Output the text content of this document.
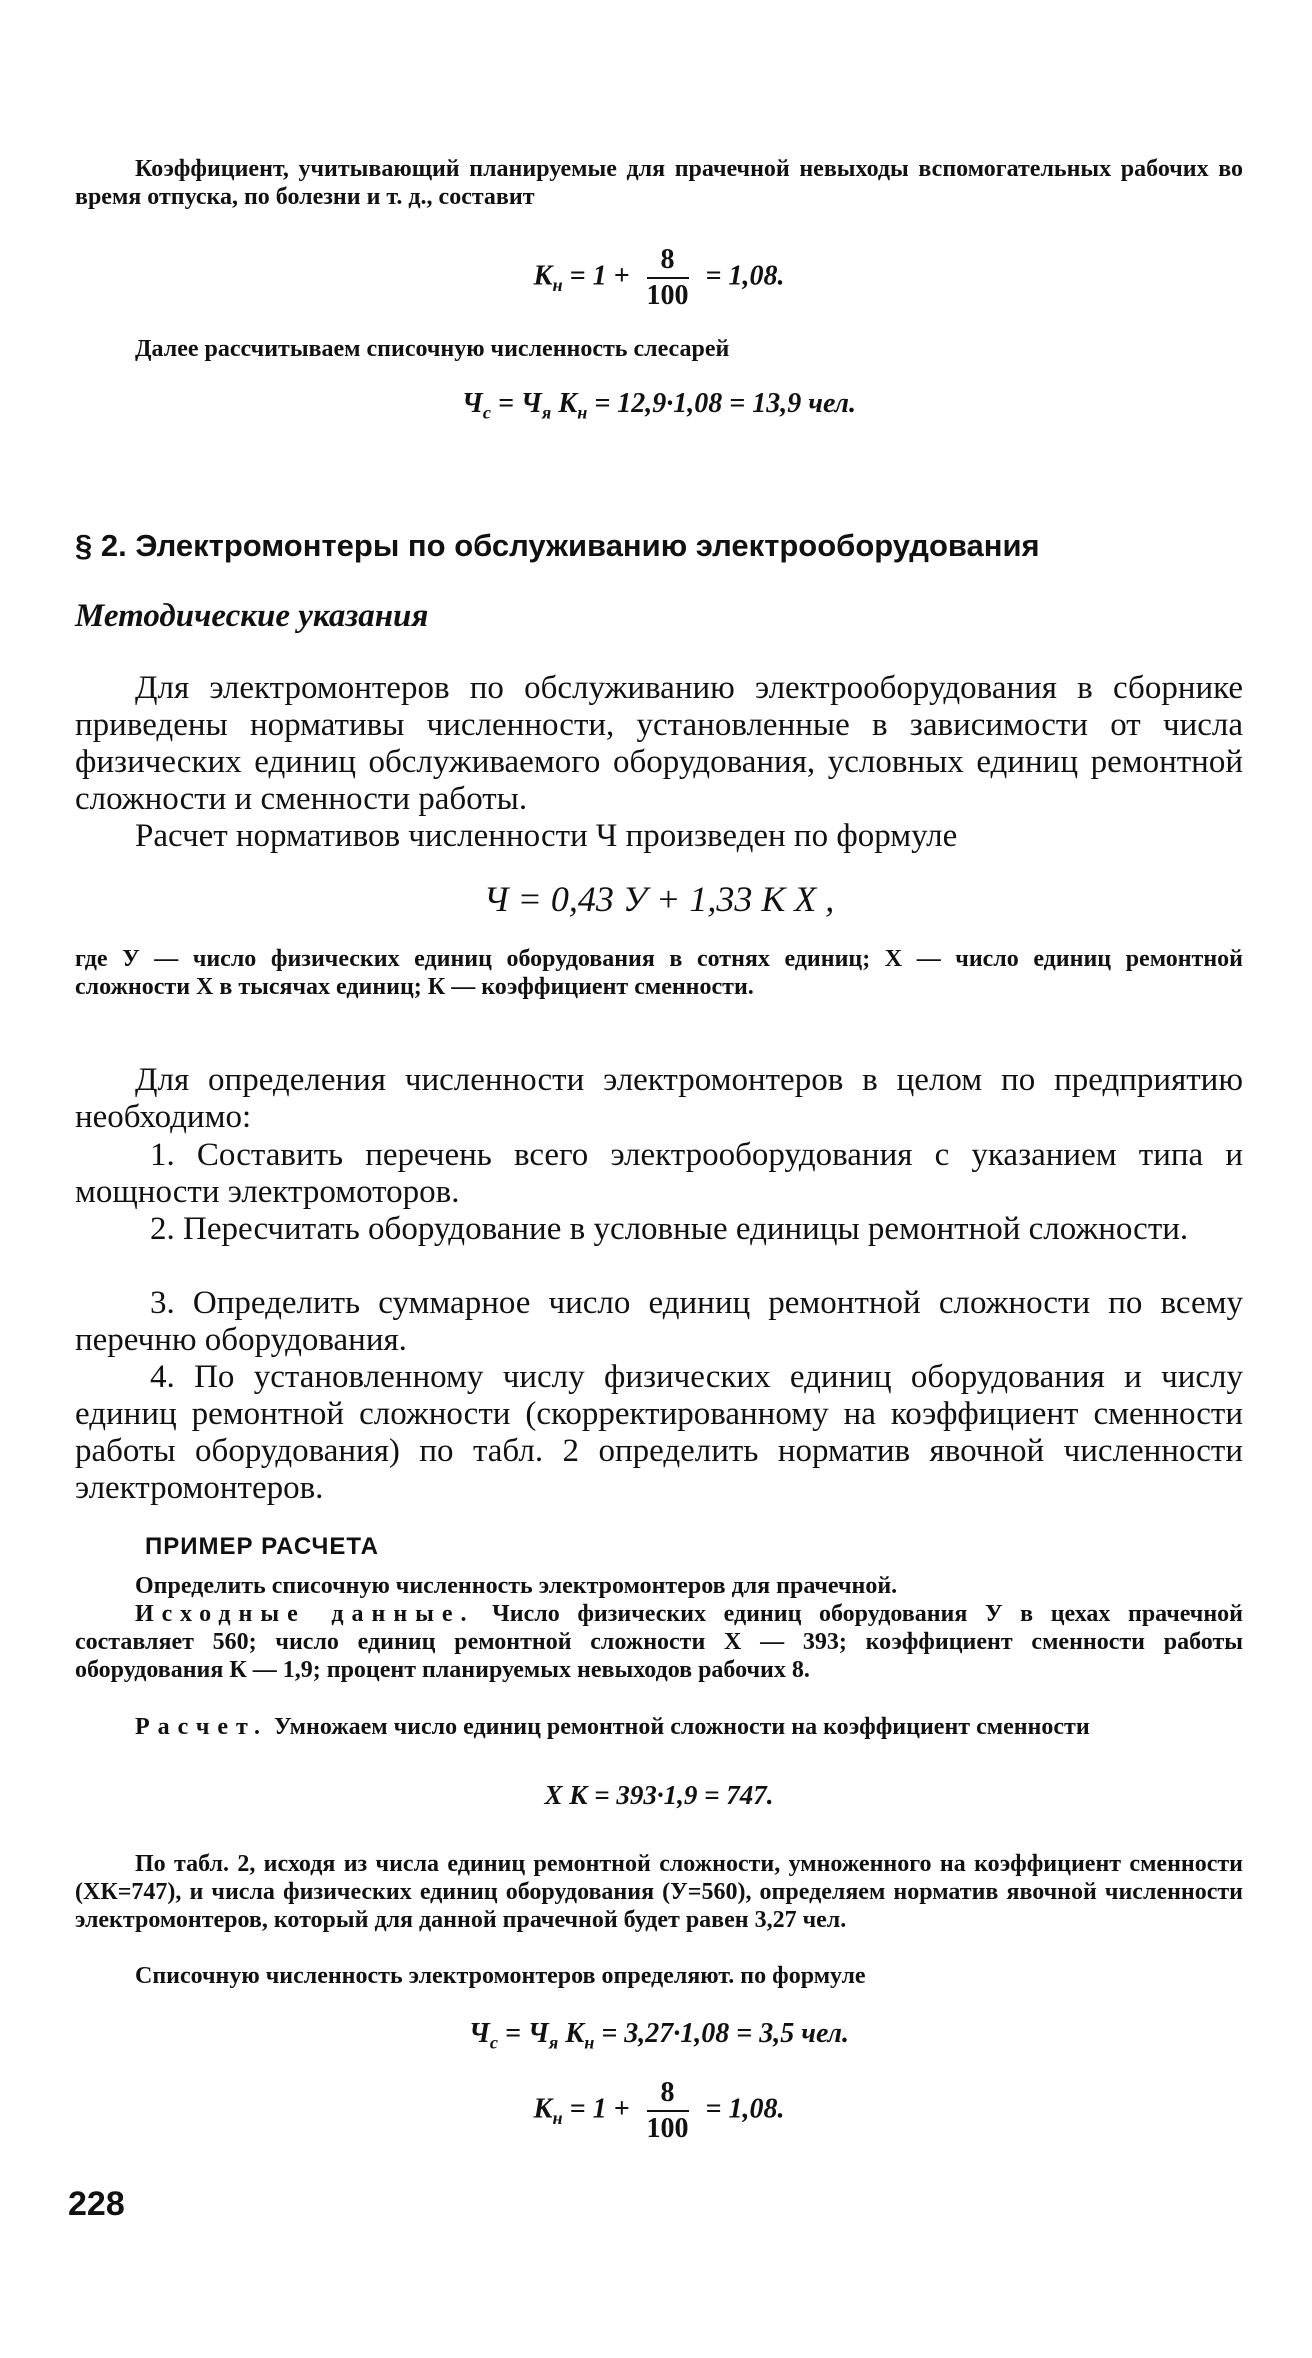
Коэффициент, учитывающий планируемые для прачечной невыходы вспомогательных рабочих во время отпуска, по болезни и т. д., составит
$К_н = 1 + \frac{8}{100} = 1,08$.
Далее рассчитываем списочную численность слесарей
$Ч_с = Ч_я$ $К_н = 12,9\cdot 1,08 = 13,9$ чел.
§ 2. Электромонтеры по обслуживанию электрооборудования
Методические указания
Для электромонтеров по обслуживанию электрооборудования в сборнике приведены нормативы численности, установленные в зависимости от числа физических единиц обслуживаемого оборудования, условных единиц ремонтной сложности и сменности работы.
Расчет нормативов численности Ч произведен по формуле
Ч = 0,43 У + 1,33 К Х ,
где У — число физических единиц оборудования в сотнях единиц; Х — число единиц ремонтной сложности Х в тысячах единиц; К — коэффициент сменности.
Для определения численности электромонтеров в целом по предприятию необходимо:
1. Составить перечень всего электрооборудования с указанием типа и мощности электромоторов.
2. Пересчитать оборудование в условные единицы ремонтной сложности.
3. Определить суммарное число единиц ремонтной сложности по всему перечню оборудования.
4. По установленному числу физических единиц оборудования и числу единиц ремонтной сложности (скорректированному на коэффициент сменности работы оборудования) по табл. 2 определить норматив явочной численности электромонтеров.
ПРИМЕР РАСЧЕТА
Определить списочную численность электромонтеров для прачечной.
Исходные данные. Число физических единиц оборудования У в цехах прачечной составляет 560; число единиц ремонтной сложности Х — 393; коэффициент сменности работы оборудования К — 1,9; процент планируемых невыходов рабочих 8.
Расчет. Умножаем число единиц ремонтной сложности на коэффициент сменности
Х К = 393·1,9 = 747.
По табл. 2, исходя из числа единиц ремонтной сложности, умноженного на коэффициент сменности (ХК=747), и числа физических единиц оборудования (У=560), определяем норматив явочной численности электромонтеров, который для данной прачечной будет равен 3,27 чел.
Списочную численность электромонтеров определяют. по формуле
$Ч_с = Ч_я$ $К_н = 3,27\cdot 1,08 = 3,5$ чел.
$К_н = 1 + \frac{8}{100} = 1,08$.
228
